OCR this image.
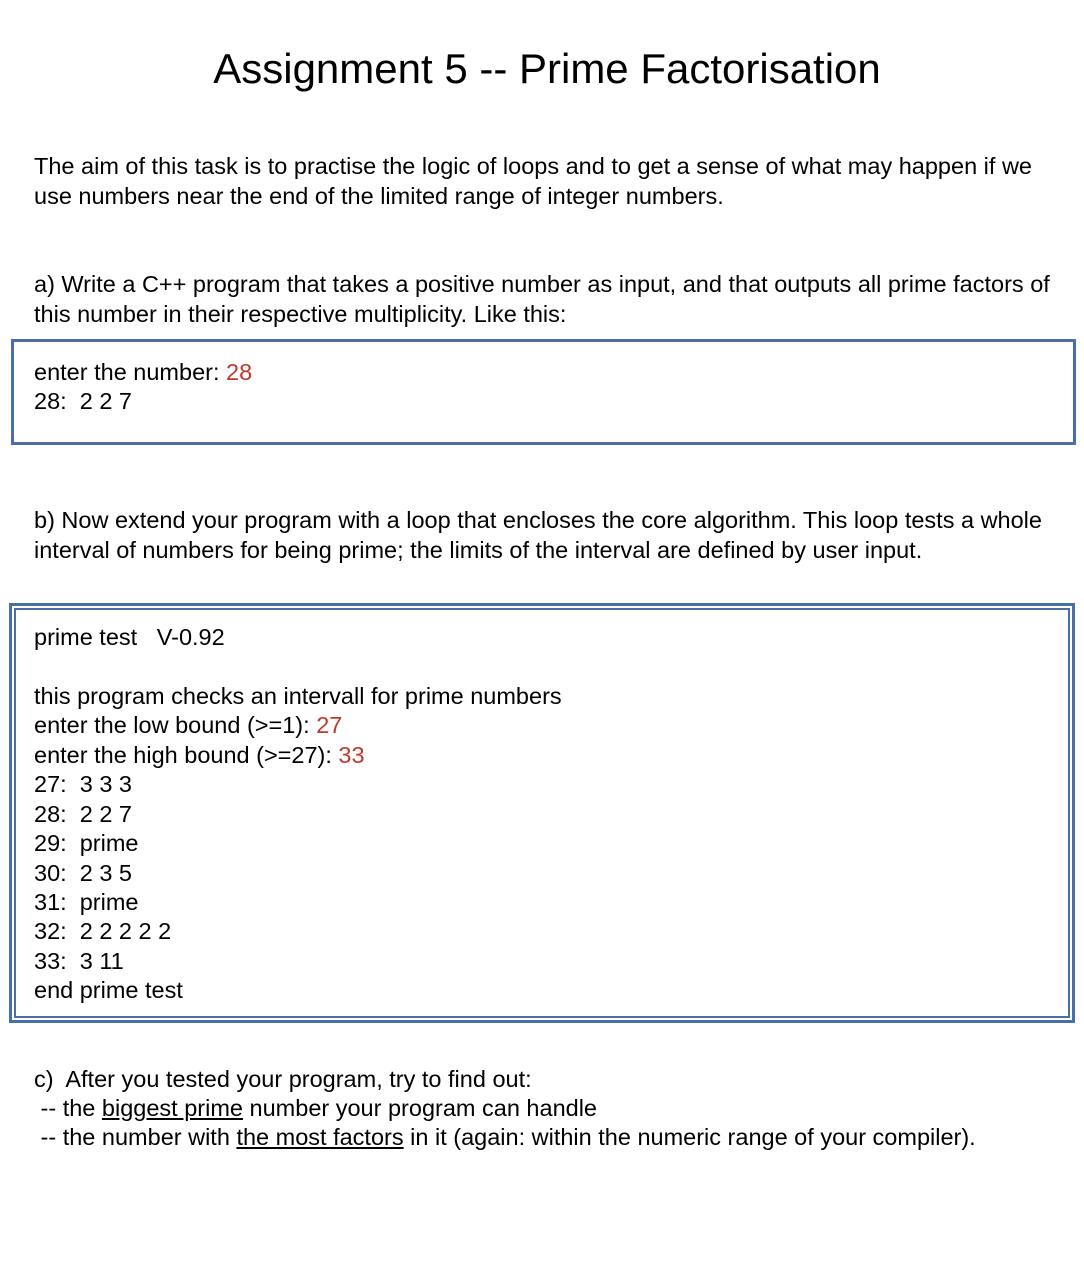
Assignment 5 -- Prime Factorisation

The aim of this task is to practise the logic of loops and to get a sense of what may happen if we use numbers near the end of the limited range of integer numbers.

a) Write a C++ program that takes a positive number as input, and that outputs all prime factors of this number in their respective multiplicity. Like this:

enter the number: 28
28:  2 2 7

b) Now extend your program with a loop that encloses the core algorithm. This loop tests a whole interval of numbers for being prime; the limits of the interval are defined by user input.

prime test   V-0.92
this program checks an intervall for prime numbers
enter the low bound (>=1): 27
enter the high bound (>=27): 33
27:  3 3 3
28:  2 2 7
29:  prime
30:  2 3 5
31:  prime
32:  2 2 2 2 2
33:  3 11
end prime test
c)  After you tested your program, try to find out:
-- the biggest prime number your program can handle
-- the number with the most factors in it (again: within the numeric range of your compiler).
